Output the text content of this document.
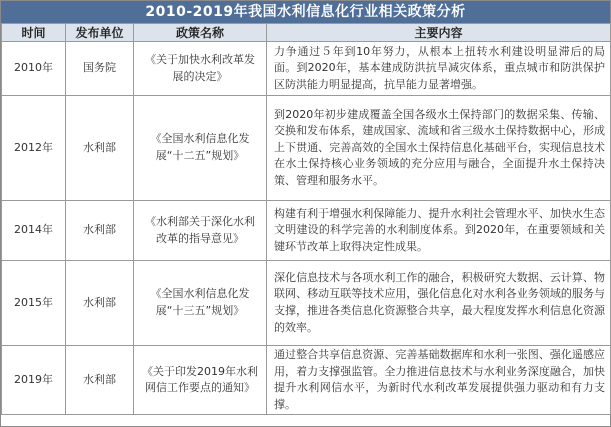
2010-2019年我国水利信息化行业相关政策分析
时间	发布单位	政策名称	主要内容
2010年	国务院	《关于加快水利改革发展的决定》	力争通过５年到10年努力，从根本上扭转水利建设明显滞后的局面。到2020年，基本建成防洪抗旱减灾体系，重点城市和防洪保护区防洪能力明显提高，抗旱能力显著增强。
2012年	水利部	《全国水利信息化发展“十二五”规划》	到2020年初步建成覆盖全国各级水土保持部门的数据采集、传输、交换和发布体系，建成国家、流域和省三级水土保持数据中心，形成上下贯通、完善高效的全国水土保持信息化基础平台，实现信息技术在水土保持核心业务领域的充分应用与融合，全面提升水土保持决策、管理和服务水平。
2014年	水利部	《水利部关于深化水利改革的指导意见》	构建有利于增强水利保障能力、提升水利社会管理水平、加快水生态文明建设的科学完善的水利制度体系。到2020年，在重要领域和关键环节改革上取得决定性成果。
2015年	水利部	《全国水利信息化发展“十三五”规划》	深化信息技术与各项水利工作的融合，积极研究大数据、云计算、物联网、移动互联等技术应用，强化信息化对水利各业务领域的服务与支撑，推进各类信息化资源整合共享，最大程度发挥水利信息化资源的效率。
2019年	水利部	《关于印发2019年水利网信工作要点的通知》	通过整合共享信息资源、完善基础数据库和水利一张图、强化遥感应用，着力支撑强监管。全力推进信息技术与水利业务深度融合，加快提升水利网信水平，为新时代水利改革发展提供强力驱动和有力支撑。
